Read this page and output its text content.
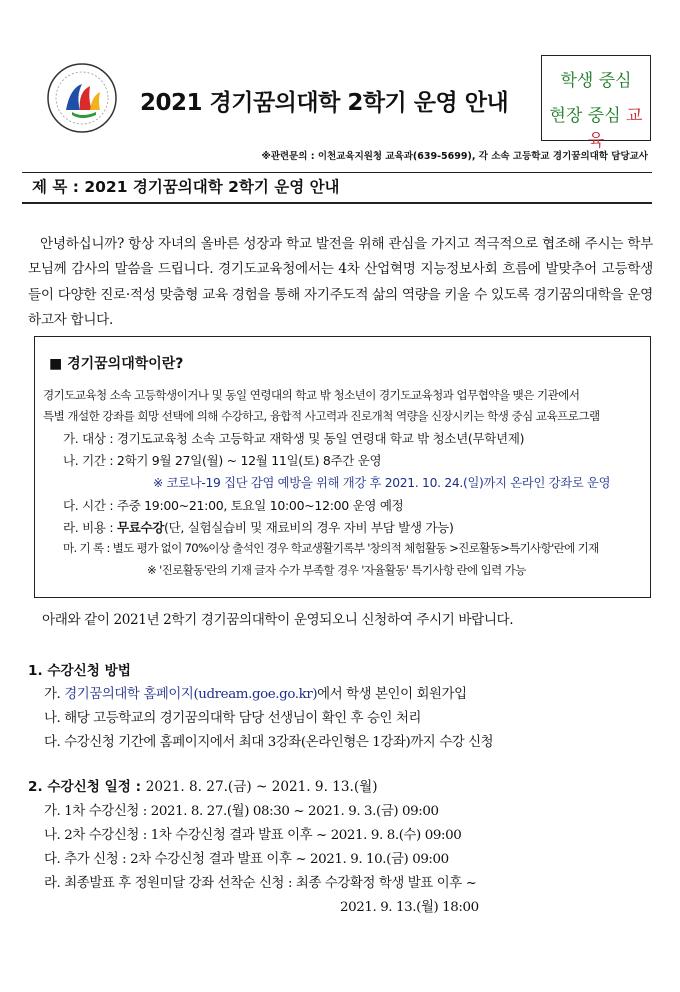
2021 경기꿈의대학 2학기 운영 안내
학생 중심
현장 중심 교육
※관련문의 : 이천교육지원청 교육과(639-5699), 각 소속 고등학교 경기꿈의대학 담당교사
제 목 : 2021 경기꿈의대학 2학기 운영 안내

안녕하십니까? 항상 자녀의 올바른 성장과 학교 발전을 위해 관심을 가지고 적극적으로 협조해 주시는 학부모님께 감사의 말씀을 드립니다. 경기도교육청에서는 4차 산업혁명 지능정보사회 흐름에 발맞추어 고등학생들이 다양한 진로·적성 맞춤형 교육 경험을 통해 자기주도적 삶의 역량을 키울 수 있도록 경기꿈의대학을 운영하고자 합니다.

■ 경기꿈의대학이란?
경기도교육청 소속 고등학생이거나 및 동일 연령대의 학교 밖 청소년이 경기도교육청과 업무협약을 맺은 기관에서
특별 개설한 강좌를 희망 선택에 의해 수강하고, 융합적 사고력과 진로개척 역량을 신장시키는 학생 중심 교육프로그램
가. 대상 : 경기도교육청 소속 고등학교 재학생 및 동일 연령대 학교 밖 청소년(무학년제)
나. 기간 : 2학기 9월 27일(월) ~ 12월 11일(토) 8주간 운영
※ 코로나-19 집단 감염 예방을 위해 개강 후 2021. 10. 24.(일)까지 온라인 강좌로 운영
다. 시간 : 주중 19:00~21:00, 토요일 10:00~12:00 운영 예정
라. 비용 : 무료수강(단, 실험실습비 및 재료비의 경우 자비 부담 발생 가능)
마. 기 록 : 별도 평가 없이 70%이상 출석인 경우 학교생활기록부 '창의적 체험활동 >진로활동>특기사항'란에 기재
※ '진로활동'란의 기재 글자 수가 부족할 경우 '자율활동' 특기사항 란에 입력 가능
아래와 같이 2021년 2학기 경기꿈의대학이 운영되오니 신청하여 주시기 바랍니다.
1. 수강신청 방법
가. 경기꿈의대학 홈페이지(udream.goe.go.kr)에서 학생 본인이 회원가입
나. 해당 고등학교의 경기꿈의대학 담당 선생님이 확인 후 승인 처리
다. 수강신청 기간에 홈페이지에서 최대 3강좌(온라인형은 1강좌)까지 수강 신청
2. 수강신청 일정 : 2021. 8. 27.(금) ~ 2021. 9. 13.(월)
가. 1차 수강신청 : 2021. 8. 27.(월) 08:30 ~ 2021. 9. 3.(금) 09:00
나. 2차 수강신청 : 1차 수강신청 결과 발표 이후 ~ 2021. 9. 8.(수) 09:00
다. 추가 신청 : 2차 수강신청 결과 발표 이후 ~ 2021. 9. 10.(금) 09:00
라. 최종발표 후 정원미달 강좌 선착순 신청 : 최종 수강확정 학생 발표 이후 ~
2021. 9. 13.(월) 18:00
